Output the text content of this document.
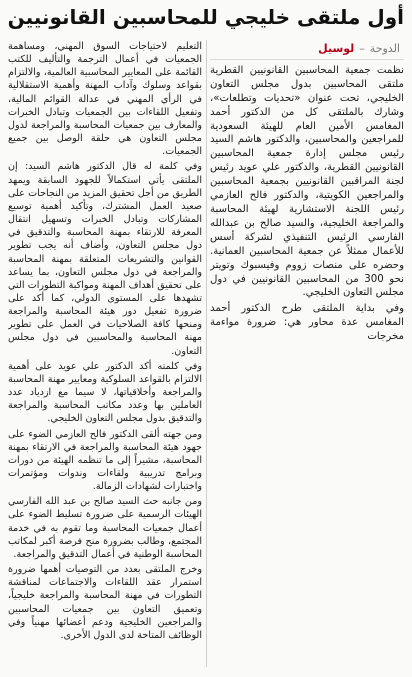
أول ملتقى خليجي للمحاسبين القانونيين
الدوحة
–
لوسيل

نظمت جمعية المحاسبين القانونيين القطرية ملتقى المحاسبين بدول مجلس التعاون الخليجي، تحت عنوان «تحديات وتطلعات»، وشارك بالملتقى كل من الدكتور أحمد المغامس الأمين العام للهيئة السعودية للمراجعين والمحاسبين، والدكتور هاشم السيد رئيس مجلس إدارة جمعية المحاسبين القانونيين القطرية، والدكتور علي عويد رئيس لجنة المراقبين القانونيين بجمعية المحاسبين والمراجعين الكويتية، والدكتور فالح العازمي رئيس اللجنة الاستشارية لهيئة المحاسبة والمراجعة الخليجية، والسيد صالح بن عبدالله الفارسي الرئيس التنفيذي لشركة أسس للأعمال ممثلاً عن جمعية المحاسبين العمانية. وحضره على منصات زووم وفيسبوك وتويتر نحو 300 من المحاسبين القانونيين في دول مجلس التعاون الخليجي.

وفي بداية الملتقى طرح الدكتور أحمد المغامس عدة محاور هي: ضرورة مواءمة مخرجات

التعليم لاحتياجات السوق المهني، ومساهمة الجمعيات في أعمال الترجمة والتأليف للكتب القائمة على المعايير المحاسبية العالمية، والالتزام بقواعد وسلوك وآداب المهنة وأهمية الاستقلالية في الرأي المهني في عدالة القوائم المالية، وتفعيل اللقاءات بين الجمعيات وتبادل الخبرات والمعارف بين جمعيات المحاسبة والمراجعة لدول مجلس التعاون هي حلقة الوصل بين جميع الجمعيات.

وفي كلمة له قال الدكتور هاشم السيد: إن الملتقى يأتي استكمالاً للجهود السابقة ويمهد الطريق من أجل تحقيق المزيد من النجاحات على صعيد العمل المشترك، وتأكيد أهمية توسيع المشاركات وتبادل الخبرات وتسهيل انتقال المعرفة للارتقاء بمهنة المحاسبة والتدقيق في دول مجلس التعاون، وأضاف أنه يجب تطوير القوانين والتشريعات المتعلقة بمهنة المحاسبة والمراجعة في دول مجلس التعاون، بما يساعد على تحقيق أهداف المهنة ومواكبة التطورات التي تشهدها على المستوى الدولي، كما أكد على ضرورة تفعيل دور هيئة المحاسبة والمراجعة ومنحها كافة الصلاحيات في العمل على تطوير مهنة المحاسبة والمحاسبين في دول مجلس التعاون.

وفي كلمته أكد الدكتور علي عويد على أهمية الالتزام بالقواعد السلوكية ومعايير مهنة المحاسبة والمراجعة وأخلاقياتها، لا سيما مع ازدياد عدد العاملين بها وعدد مكاتب المحاسبة والمراجعة والتدقيق بدول مجلس التعاون الخليجي.

ومن جهته ألقى الدكتور فالح العازمي الضوء على جهود هيئة المحاسبة والمراجعة في الارتقاء بمهنة المحاسبة، مشيراً إلى ما تنظمه الهيئة من دورات وبرامج تدريبية ولقاءات وندوات ومؤتمرات واختبارات لشهادات الزمالة.

ومن جانبه حث السيد صالح بن عبد الله الفارسي الهيئات الرسمية على ضرورة تسليط الضوء على أعمال جمعيات المحاسبة وما تقوم به في خدمة المجتمع، وطالب بضرورة منح فرصة أكبر لمكاتب المحاسبة الوطنية في أعمال التدقيق والمراجعة.

وخرج الملتقى بعدد من التوصيات أهمها ضرورة استمرار عقد اللقاءات والاجتماعات لمناقشة التطورات في مهنة المحاسبة والمراجعة خليجياً، وتعميق التعاون بين جمعيات المحاسبين والمراجعين الخليجية ودعم أعضائها مهنياً وفي الوظائف المتاحة لدى الدول الأخرى.
